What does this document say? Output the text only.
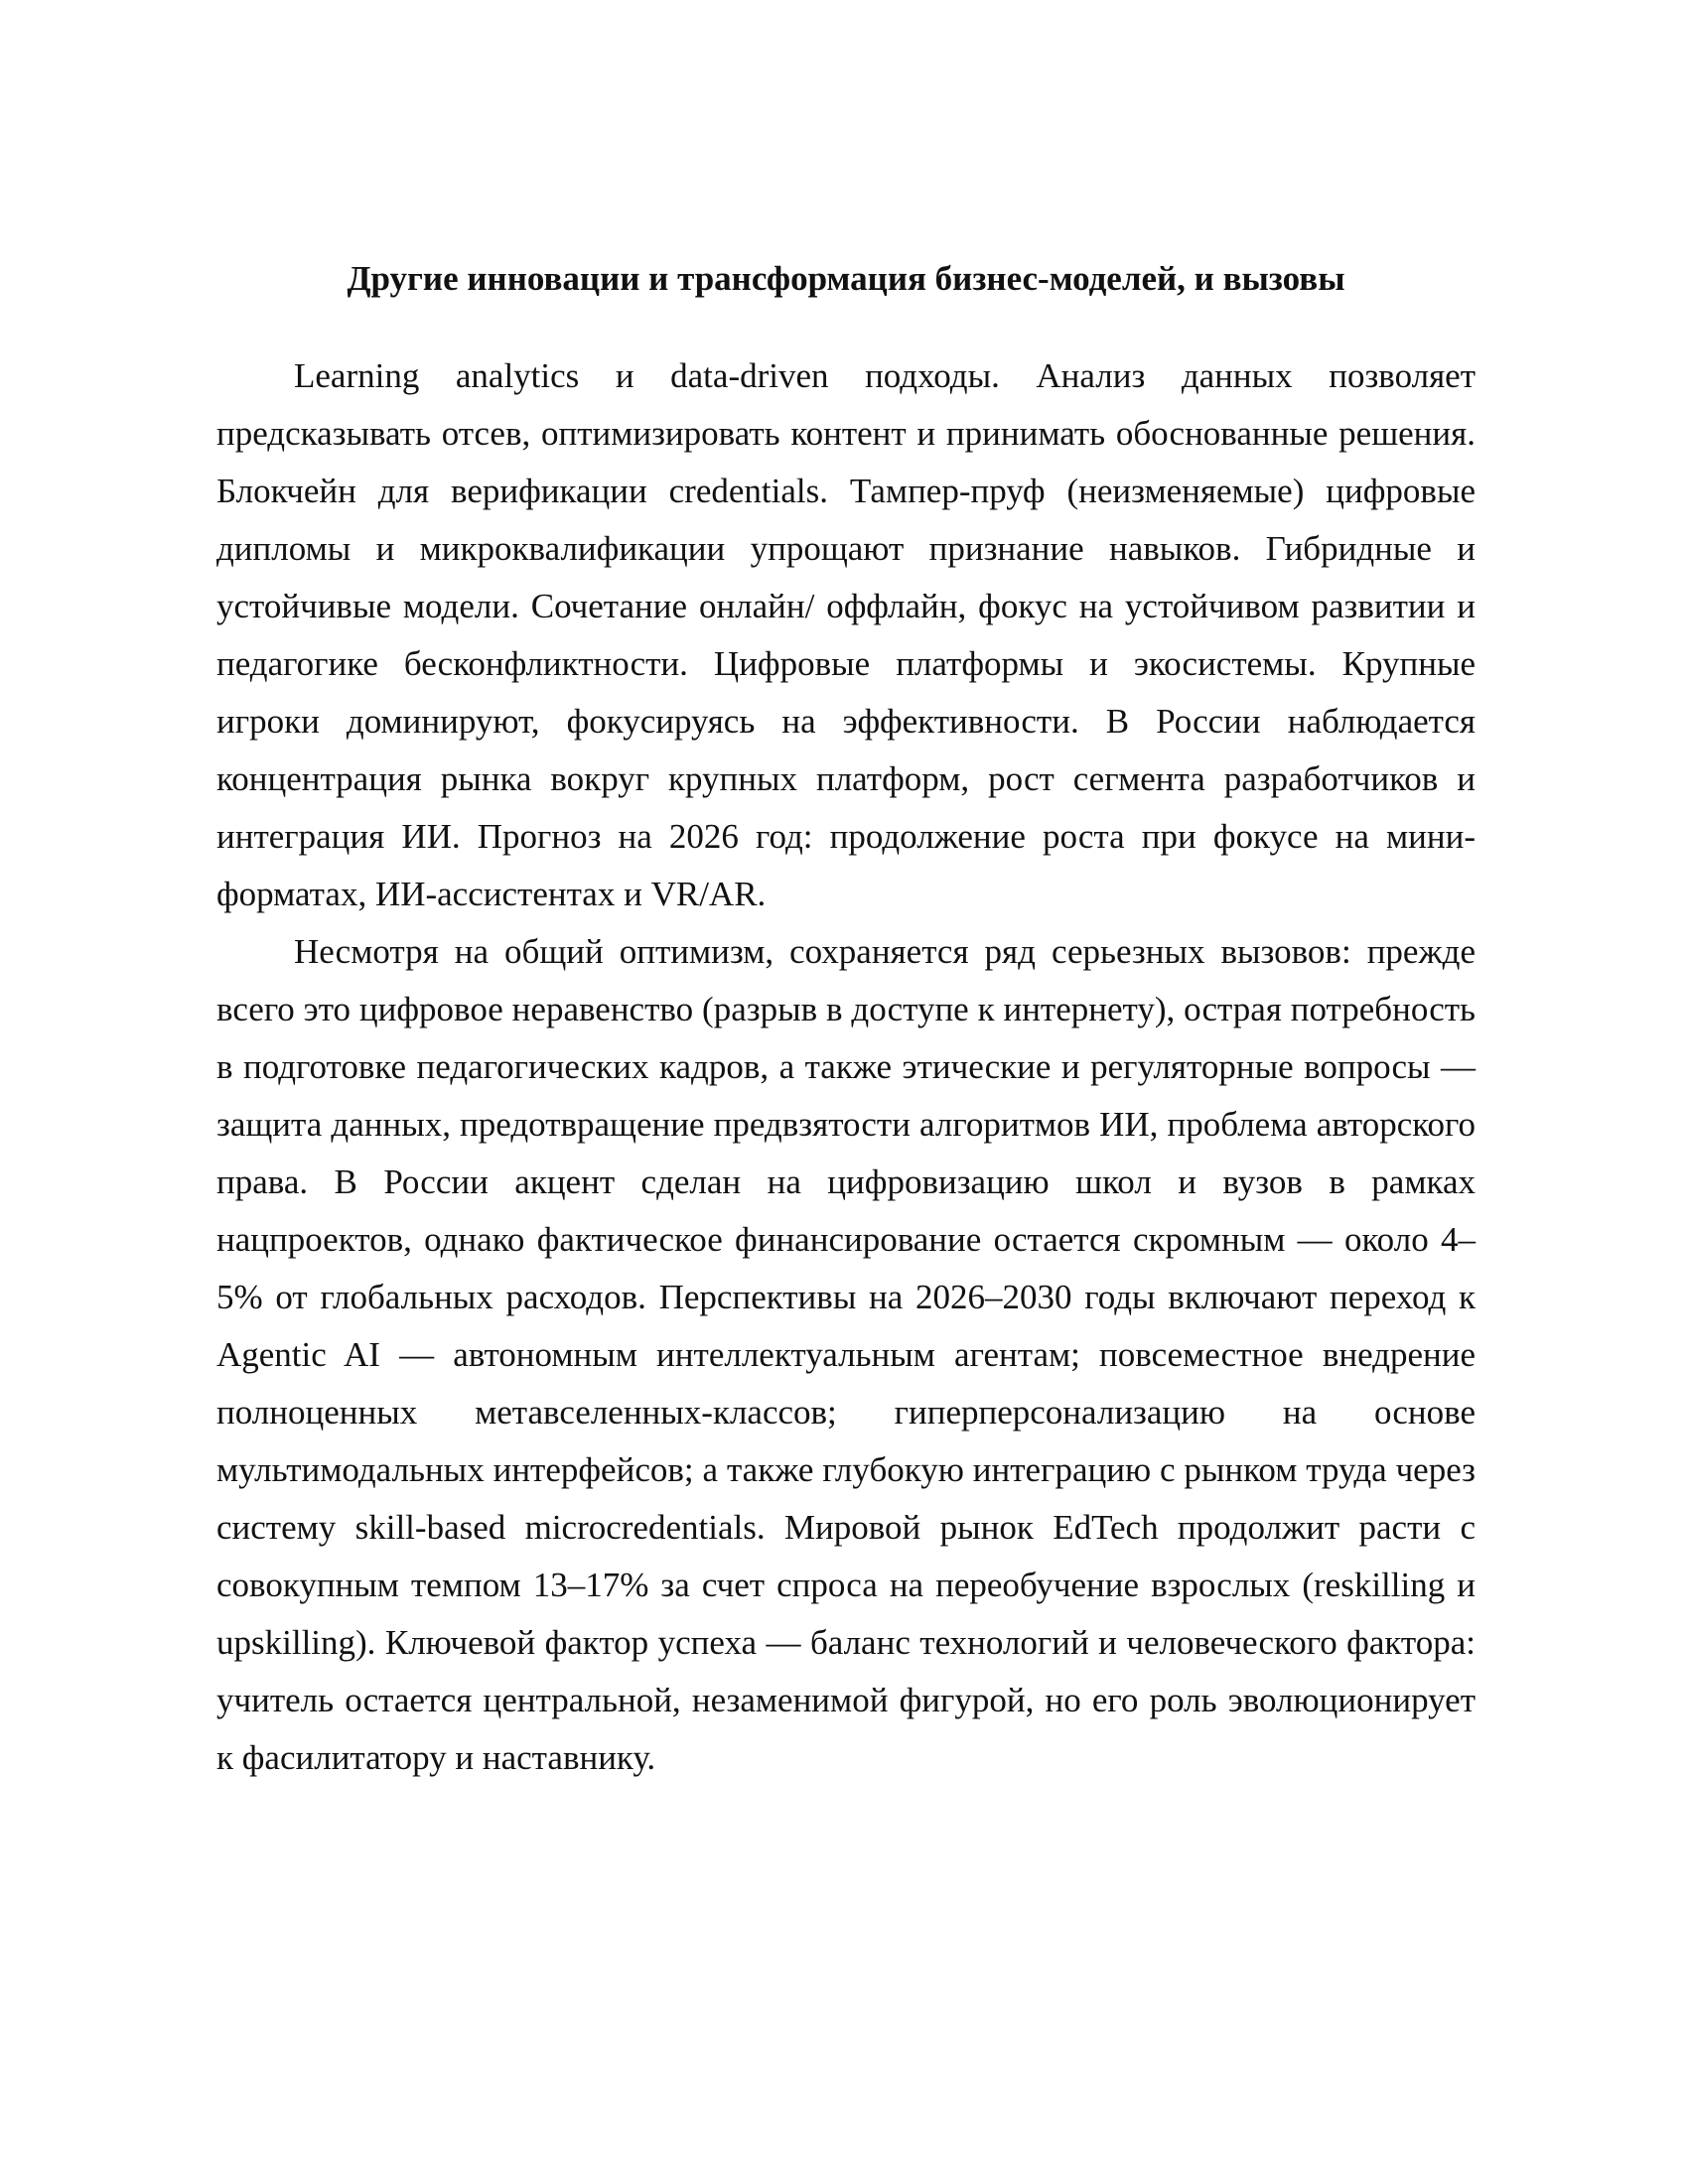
Другие инновации и трансформация бизнес-моделей, и вызовы

Learning analytics и data-driven подходы. Анализ данных позволяет предсказывать отсев, оптимизировать контент и принимать обоснованные решения. Блокчейн для верификации credentials. Тампер-пруф (неизменяемые) цифровые дипломы и микроквалификации упрощают признание навыков. Гибридные и устойчивые модели. Сочетание онлайн/ оффлайн, фокус на устойчивом развитии и педагогике бесконфликтности. Цифровые платформы и экосистемы. Крупные игроки доминируют, фокусируясь на эффективности. В России наблюдается концентрация рынка вокруг крупных платформ, рост сегмента разработчиков и интеграция ИИ. Прогноз на 2026 год: продолжение роста при фокусе на мини-форматах, ИИ-ассистентах и VR/AR.

Несмотря на общий оптимизм, сохраняется ряд серьезных вызовов: прежде всего это цифровое неравенство (разрыв в доступе к интернету), острая потребность в подготовке педагогических кадров, а также этические и регуляторные вопросы — защита данных, предотвращение предвзятости алгоритмов ИИ, проблема авторского права. В России акцент сделан на цифровизацию школ и вузов в рамках нацпроектов, однако фактическое финансирование остается скромным — около 4–5% от глобальных расходов. Перспективы на 2026–2030 годы включают переход к Agentic AI — автономным интеллектуальным агентам; повсеместное внедрение полноценных метавселенных-классов; гиперперсонализацию на основе мультимодальных интерфейсов; а также глубокую интеграцию с рынком труда через систему skill-based microcredentials. Мировой рынок EdTech продолжит расти с совокупным темпом 13–17% за счет спроса на переобучение взрослых (reskilling и upskilling). Ключевой фактор успеха — баланс технологий и человеческого фактора: учитель остается центральной, незаменимой фигурой, но его роль эволюционирует к фасилитатору и наставнику.
